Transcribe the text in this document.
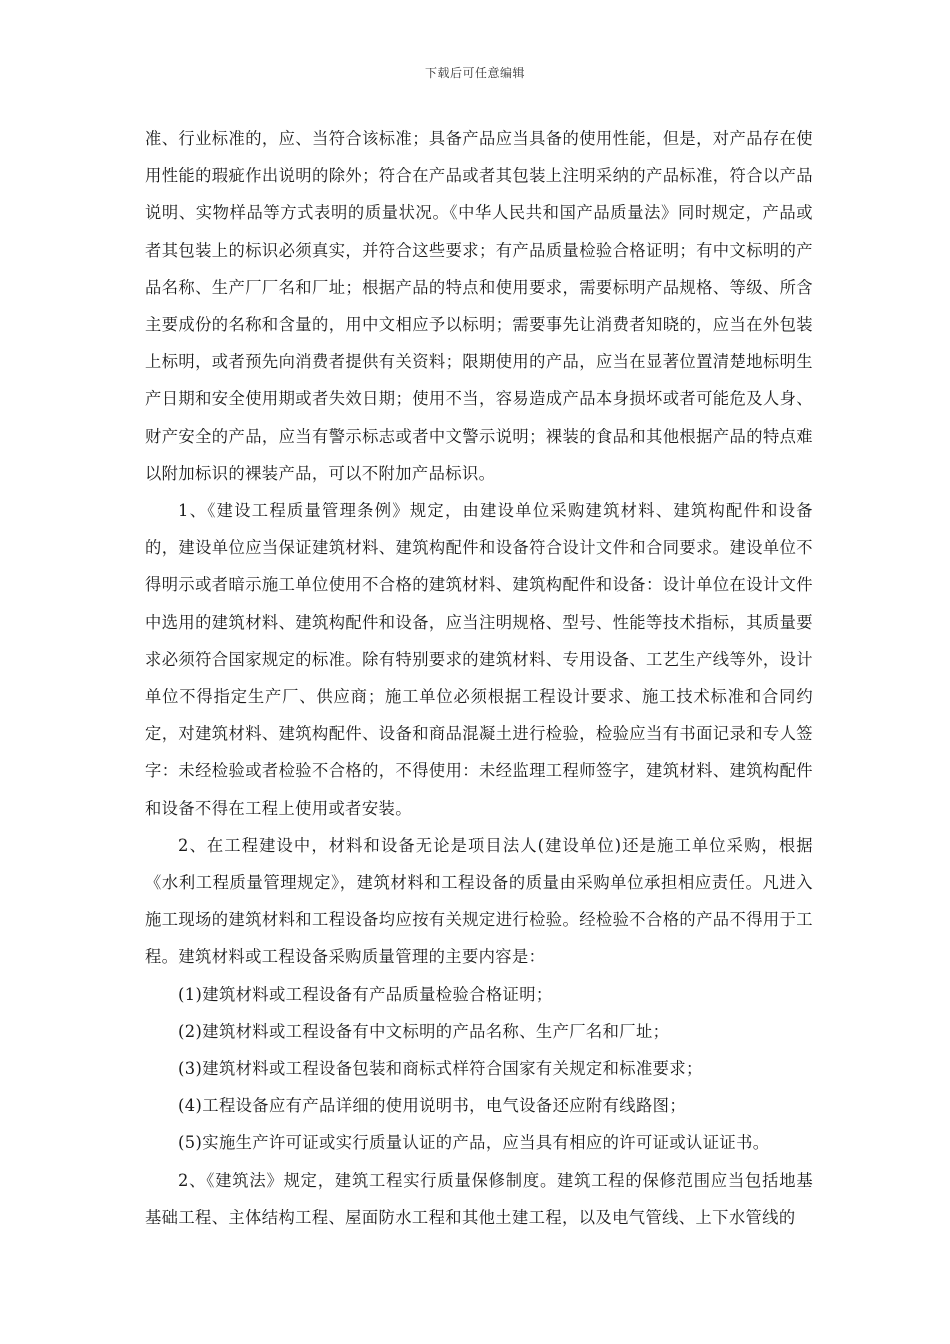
下载后可任意编辑

准、行业标准的，应、当符合该标准；具备产品应当具备的使用性能，但是，对产品存在使用性能的瑕疵作出说明的除外；符合在产品或者其包装上注明采纳的产品标准，符合以产品说明、实物样品等方式表明的质量状况。《中华人民共和国产品质量法》同时规定，产品或者其包装上的标识必须真实，并符合这些要求；有产品质量检验合格证明；有中文标明的产品名称、生产厂厂名和厂址；根据产品的特点和使用要求，需要标明产品规格、等级、所含主要成份的名称和含量的，用中文相应予以标明；需要事先让消费者知晓的，应当在外包装上标明，或者预先向消费者提供有关资料；限期使用的产品，应当在显著位置清楚地标明生产日期和安全使用期或者失效日期；使用不当，容易造成产品本身损坏或者可能危及人身、财产安全的产品，应当有警示标志或者中文警示说明；裸装的食品和其他根据产品的特点难以附加标识的裸装产品，可以不附加产品标识。

1、《建设工程质量管理条例》规定，由建设单位采购建筑材料、建筑构配件和设备的，建设单位应当保证建筑材料、建筑构配件和设备符合设计文件和合同要求。建设单位不得明示或者暗示施工单位使用不合格的建筑材料、建筑构配件和设备：设计单位在设计文件中选用的建筑材料、建筑构配件和设备，应当注明规格、型号、性能等技术指标，其质量要求必须符合国家规定的标准。除有特别要求的建筑材料、专用设备、工艺生产线等外，设计单位不得指定生产厂、供应商；施工单位必须根据工程设计要求、施工技术标准和合同约定，对建筑材料、建筑构配件、设备和商品混凝土进行检验，检验应当有书面记录和专人签字：未经检验或者检验不合格的，不得使用：未经监理工程师签字，建筑材料、建筑构配件和设备不得在工程上使用或者安装。

2、在工程建设中，材料和设备无论是项目法人(建设单位)还是施工单位采购，根据《水利工程质量管理规定》，建筑材料和工程设备的质量由采购单位承担相应责任。凡进入施工现场的建筑材料和工程设备均应按有关规定进行检验。经检验不合格的产品不得用于工程。建筑材料或工程设备采购质量管理的主要内容是：

(1)建筑材料或工程设备有产品质量检验合格证明；

(2)建筑材料或工程设备有中文标明的产品名称、生产厂名和厂址；

(3)建筑材料或工程设备包装和商标式样符合国家有关规定和标准要求；

(4)工程设备应有产品详细的使用说明书，电气设备还应附有线路图；

(5)实施生产许可证或实行质量认证的产品，应当具有相应的许可证或认证证书。

2、《建筑法》规定，建筑工程实行质量保修制度。建筑工程的保修范围应当包括地基基础工程、主体结构工程、屋面防水工程和其他土建工程，以及电气管线、上下水管线的
